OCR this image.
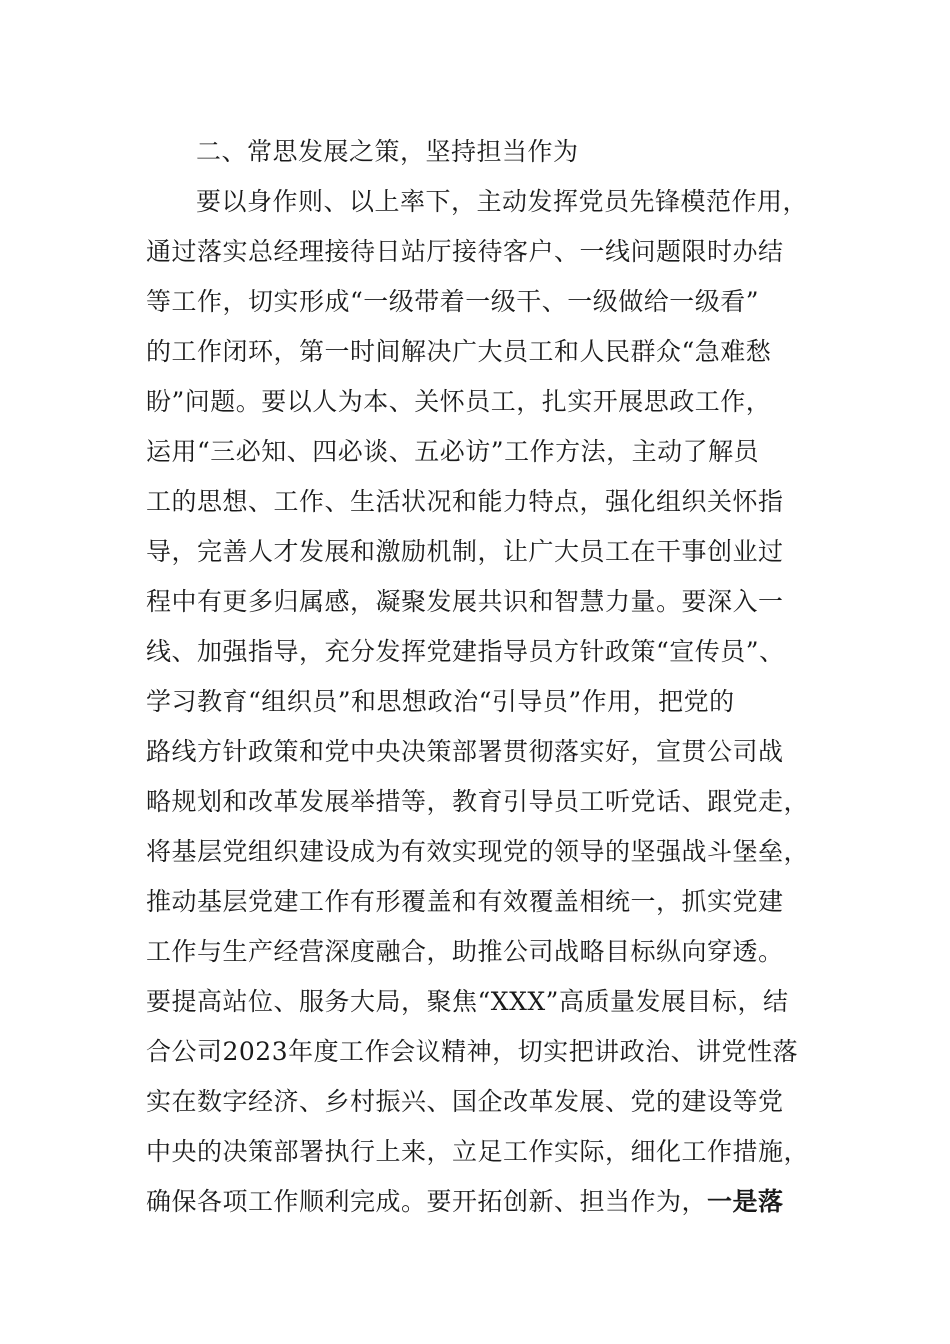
二、常思发展之策，坚持担当作为
要以身作则、以上率下，主动发挥党员先锋模范作用，
通过落实总经理接待日站厅接待客户、一线问题限时办结
等工作，切实形成“一级带着一级干、一级做给一级看”
的工作闭环，第一时间解决广大员工和人民群众“急难愁
盼”问题。要以人为本、关怀员工，扎实开展思政工作，
运用“三必知、四必谈、五必访”工作方法，主动了解员
工的思想、工作、生活状况和能力特点，强化组织关怀指
导，完善人才发展和激励机制，让广大员工在干事创业过
程中有更多归属感，凝聚发展共识和智慧力量。要深入一
线、加强指导，充分发挥党建指导员方针政策“宣传员”、
学习教育“组织员”和思想政治“引导员”作用，把党的
路线方针政策和党中央决策部署贯彻落实好，宣贯公司战
略规划和改革发展举措等，教育引导员工听党话、跟党走，
将基层党组织建设成为有效实现党的领导的坚强战斗堡垒，
推动基层党建工作有形覆盖和有效覆盖相统一，抓实党建
工作与生产经营深度融合，助推公司战略目标纵向穿透。
要提高站位、服务大局，聚焦“XXX”高质量发展目标，结
合公司2023年度工作会议精神，切实把讲政治、讲党性落
实在数字经济、乡村振兴、国企改革发展、党的建设等党
中央的决策部署执行上来，立足工作实际，细化工作措施，
确保各项工作顺利完成。要开拓创新、担当作为，一是落
